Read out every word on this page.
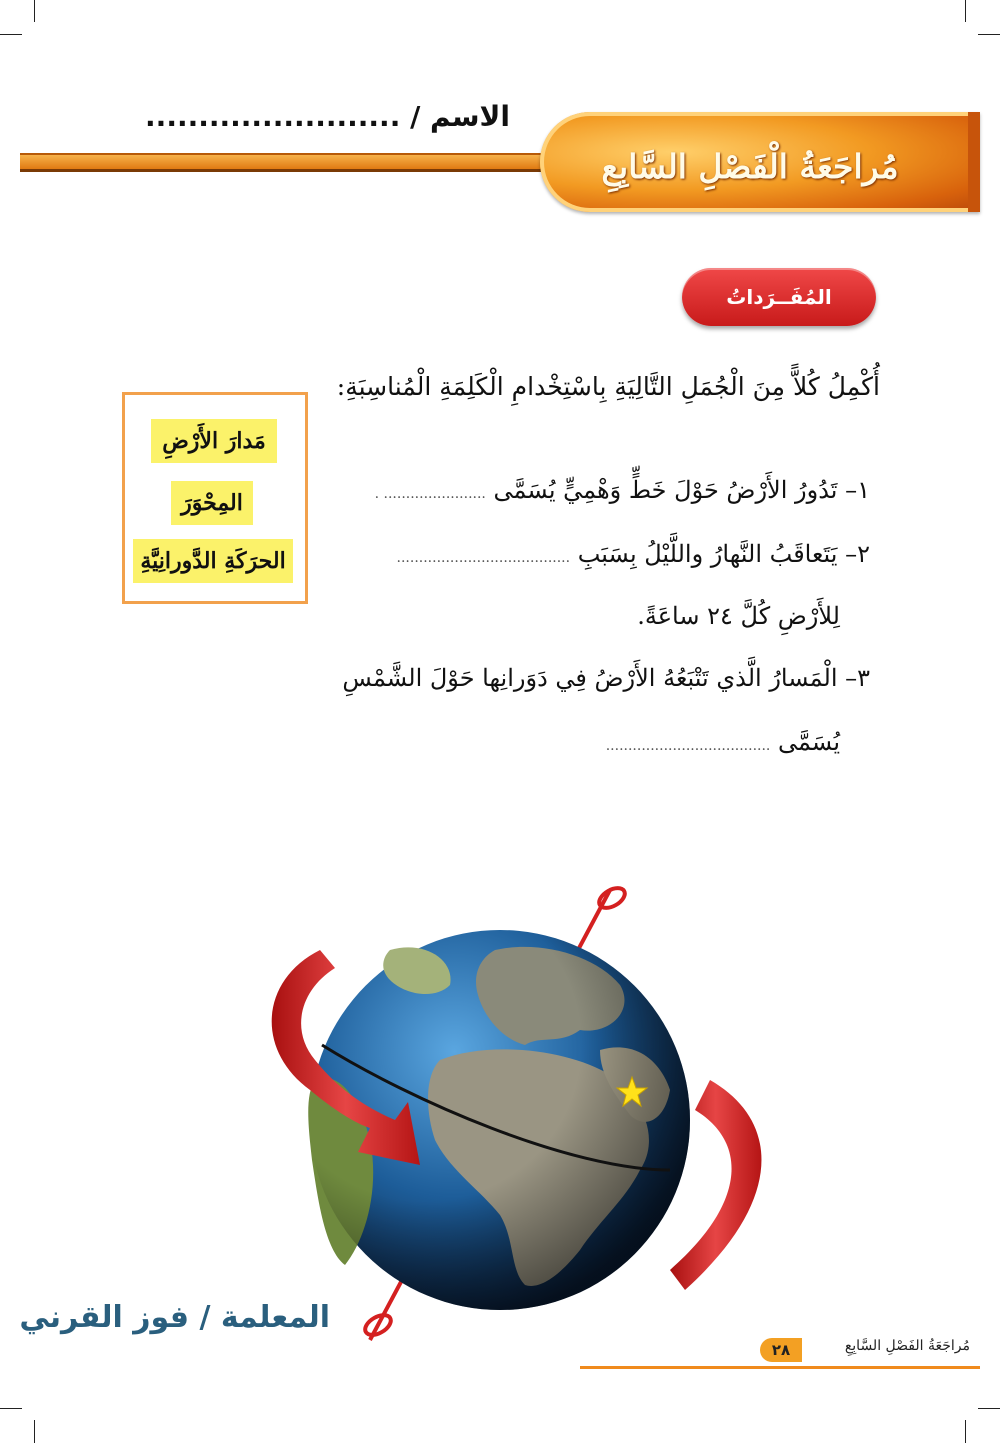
الاسم / ........................
مُراجَعَةُ الْفَصْلِ السَّابِعِ
المُفَــرَداتُ
أُكْمِلُ كُلاًّ مِنَ الْجُمَلِ التَّالِيَةِ بِاسْتِخْدامِ الْكَلِمَةِ الْمُناسِبَةِ:
١– تَدُورُ الأَرْضُ حَوْلَ خَطٍّ وَهْمِيٍّ يُسَمَّى ....................... .
٢– يَتَعاقَبُ النَّهارُ واللَّيْلُ بِسَبَبِ .......................................
لِلأَرْضِ كُلَّ ٢٤ ساعَةً.
٣– الْمَسارُ الَّذي تَتْبَعُهُ الأَرْضُ فِي دَوَرانِها حَوْلَ الشَّمْسِ
يُسَمَّى .....................................
مَدارَ الأَرْضِ
المِحْوَرَ
الحرَكَةِ الدَّورانِيَّةِ
المعلمة / فوز القرني
مُراجَعَةُ الفَصْلِ السَّابِعِ
٢٨
